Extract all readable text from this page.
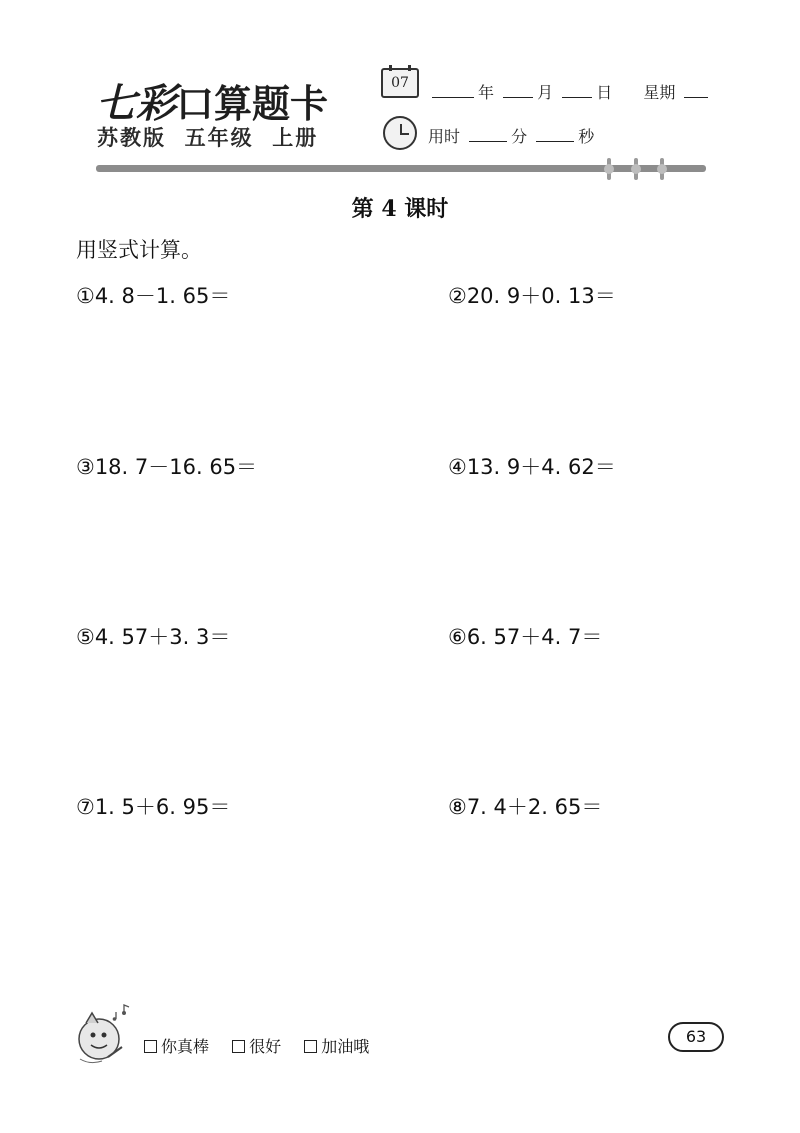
七彩口算题卡
苏教版  五年级  上册
07	年	月	日 星期
用时	分	秒
第 4 课时
用竖式计算。
①4. 8－1. 65＝	②20. 9＋0. 13＝
③18. 7－16. 65＝	④13. 9＋4. 62＝
⑤4. 57＋3. 3＝	⑥6. 57＋4. 7＝
⑦1. 5＋6. 95＝	⑧7. 4＋2. 65＝
你真棒	很好	加油哦
63
